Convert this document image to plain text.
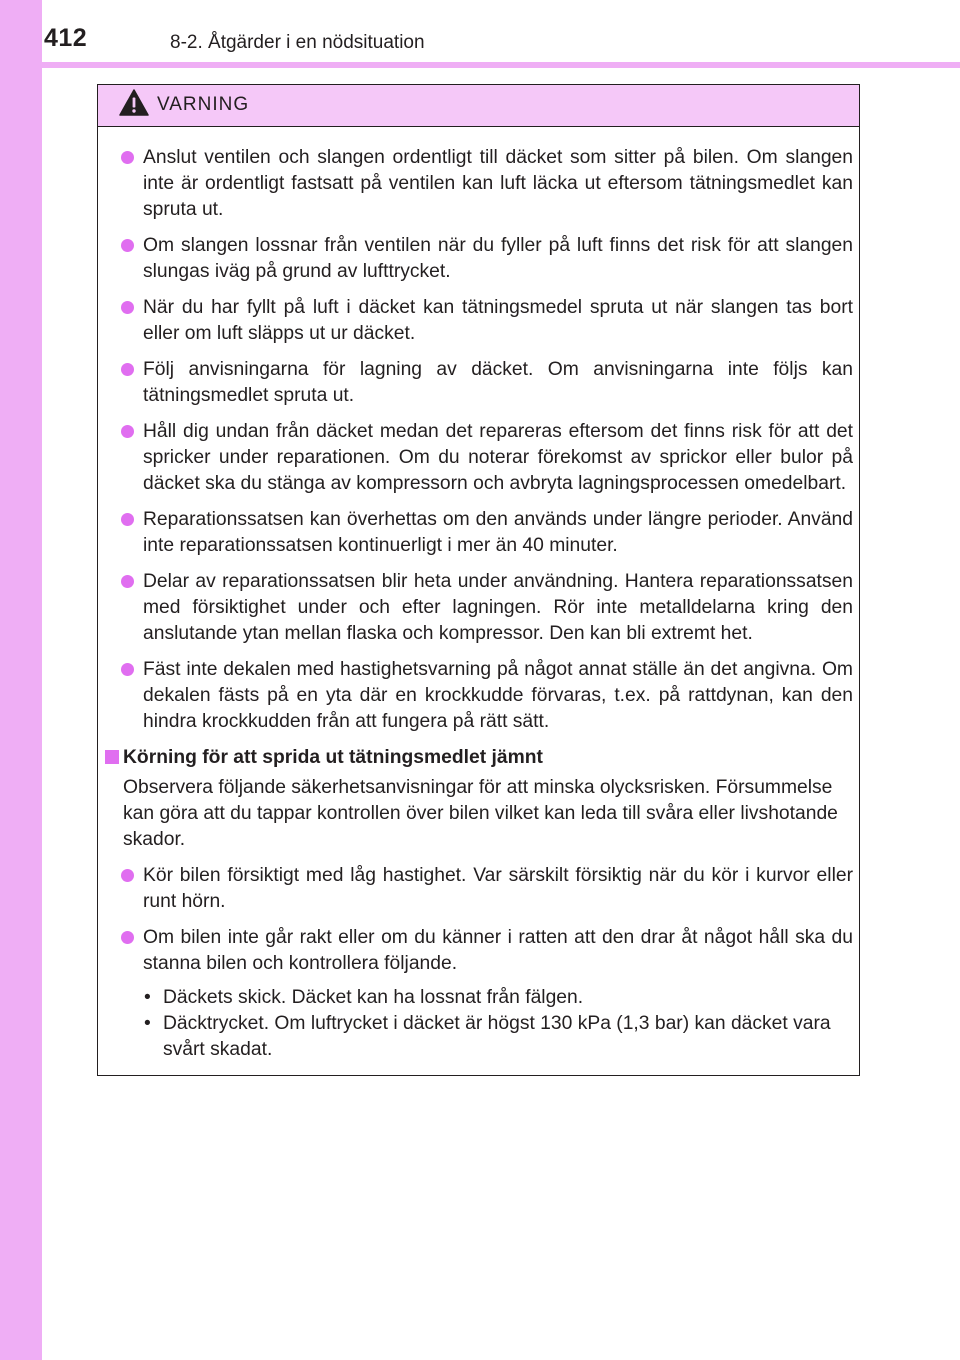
412	8-2. Åtgärder i en nödsituation
VARNING
Anslut ventilen och slangen ordentligt till däcket som sitter på bilen. Om slangen inte är ordentligt fastsatt på ventilen kan luft läcka ut eftersom tätningsmedlet kan spruta ut.
Om slangen lossnar från ventilen när du fyller på luft finns det risk för att slangen slungas iväg på grund av lufttrycket.
När du har fyllt på luft i däcket kan tätningsmedel spruta ut när slangen tas bort eller om luft släpps ut ur däcket.
Följ anvisningarna för lagning av däcket. Om anvisningarna inte följs kan tätningsmedlet spruta ut.
Håll dig undan från däcket medan det repareras eftersom det finns risk för att det spricker under reparationen. Om du noterar förekomst av sprickor eller bulor på däcket ska du stänga av kompressorn och avbryta lagningsprocessen omedelbart.
Reparationssatsen kan överhettas om den används under längre perioder. Använd inte reparationssatsen kontinuerligt i mer än 40 minuter.
Delar av reparationssatsen blir heta under användning. Hantera reparationssatsen med försiktighet under och efter lagningen. Rör inte metalldelarna kring den anslutande ytan mellan flaska och kompressor. Den kan bli extremt het.
Fäst inte dekalen med hastighetsvarning på något annat ställe än det angivna. Om dekalen fästs på en yta där en krockkudde förvaras, t.ex. på rattdynan, kan den hindra krockkudden från att fungera på rätt sätt.
Körning för att sprida ut tätningsmedlet jämnt
Observera följande säkerhetsanvisningar för att minska olycksrisken. Försummelse kan göra att du tappar kontrollen över bilen vilket kan leda till svåra eller livshotande skador.
Kör bilen försiktigt med låg hastighet. Var särskilt försiktig när du kör i kurvor eller runt hörn.
Om bilen inte går rakt eller om du känner i ratten att den drar åt något håll ska du stanna bilen och kontrollera följande.
• Däckets skick. Däcket kan ha lossnat från fälgen.
• Däcktrycket. Om luftrycket i däcket är högst 130 kPa (1,3 bar) kan däcket vara svårt skadat.
